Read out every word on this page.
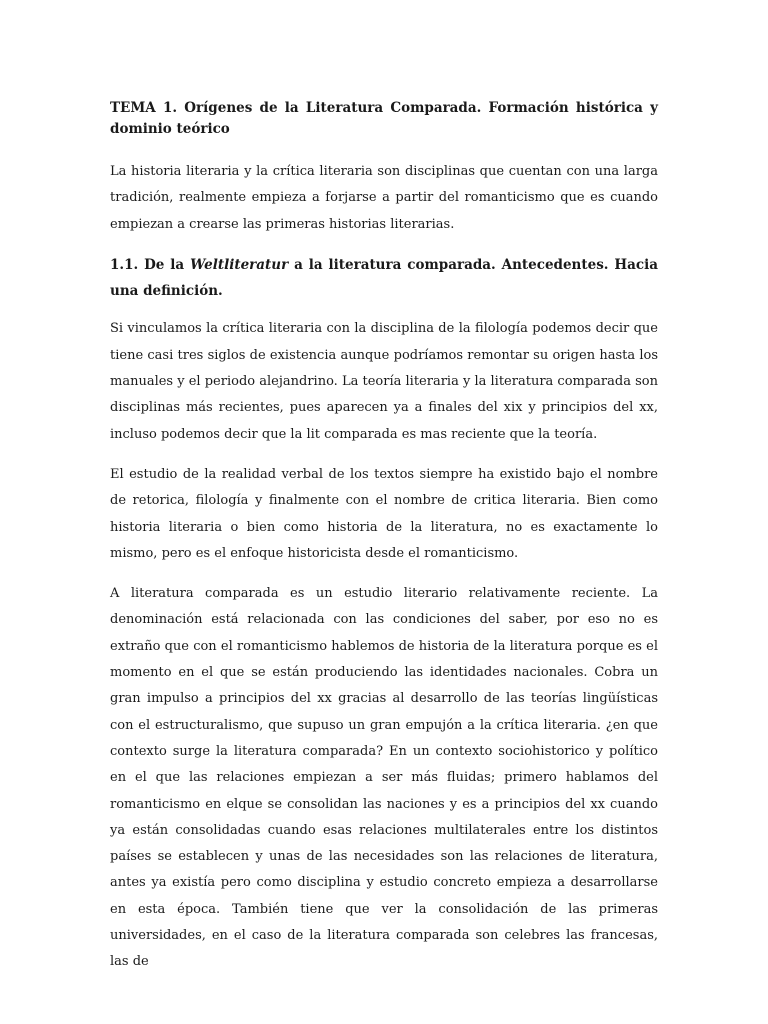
TEMA 1. Orígenes de la Literatura Comparada. Formación histórica y dominio teórico

La historia literaria y la crítica literaria son disciplinas que cuentan con una larga tradición, realmente empieza a forjarse a partir del romanticismo que es cuando empiezan a crearse las primeras historias literarias.

1.1. De la Weltliteratur a la literatura comparada. Antecedentes. Hacia una definición.

Si vinculamos la crítica literaria con la disciplina de la filología podemos decir que tiene casi tres siglos de existencia aunque podríamos remontar su origen hasta los manuales y el periodo alejandrino. La teoría literaria y la literatura comparada son disciplinas más recientes, pues aparecen ya a finales del xix y principios del xx, incluso podemos decir que la lit comparada es mas reciente que la teoría.

El estudio de la realidad verbal de los textos siempre ha existido bajo el nombre de retorica, filología y finalmente con el nombre de critica literaria. Bien como historia literaria o bien como historia de la literatura, no es exactamente lo mismo, pero es el enfoque historicista desde el romanticismo.

A literatura comparada es un estudio literario relativamente reciente. La denominación está relacionada con las condiciones del saber, por eso no es extraño que con el romanticismo hablemos de historia de la literatura porque es el momento en el que se están produciendo las identidades nacionales. Cobra un gran impulso a principios del xx gracias al desarrollo de las teorías lingüísticas con el estructuralismo, que supuso un gran empujón a la crítica literaria. ¿en que contexto surge la literatura comparada? En un contexto sociohistorico y político en el que las relaciones empiezan a ser más fluidas; primero hablamos del romanticismo en elque se consolidan las naciones y es a principios del xx cuando ya están consolidadas cuando esas relaciones multilaterales entre los distintos países se establecen y unas de las necesidades son las relaciones de literatura, antes ya existía pero como disciplina y estudio concreto empieza a desarrollarse en esta época. También tiene que ver la consolidación de las primeras universidades, en el caso de la literatura comparada son celebres las francesas, las de
